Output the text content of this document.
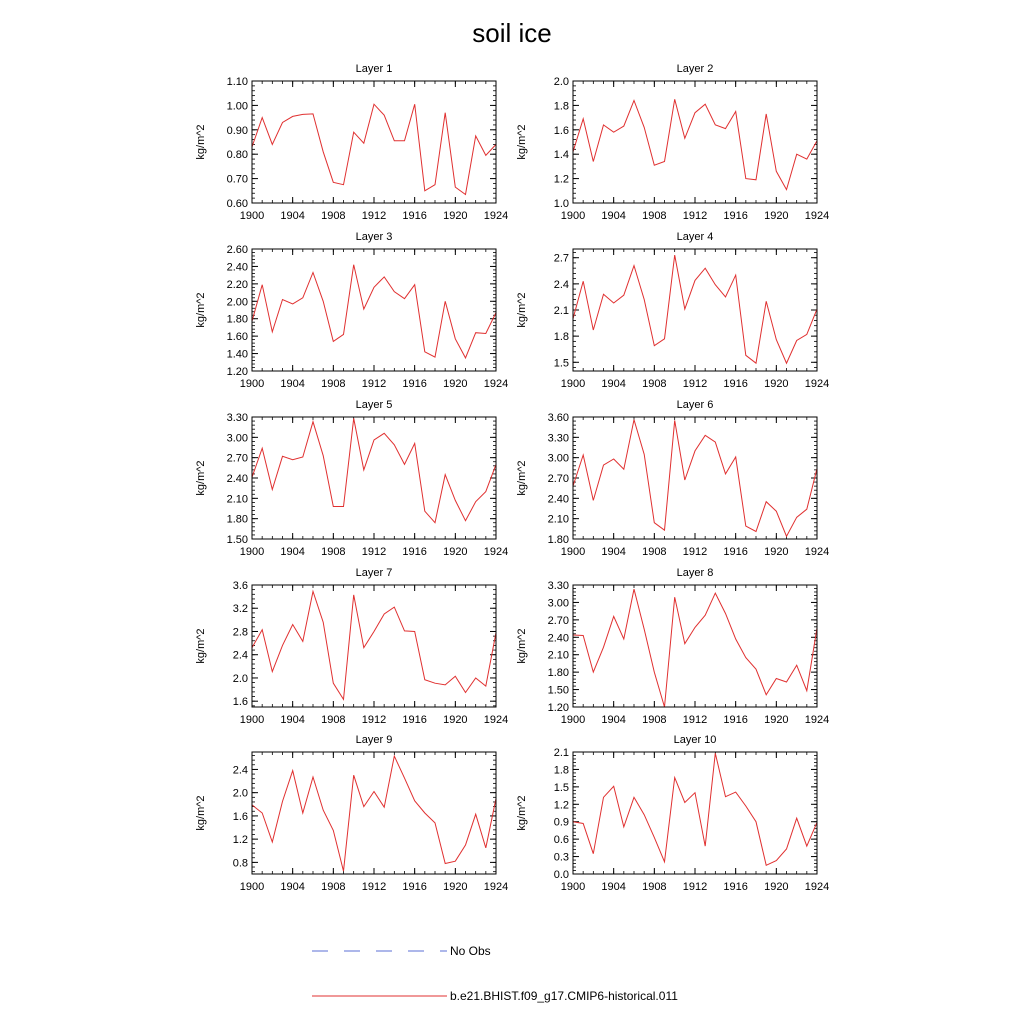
soil ice
Layer 1
1900 1904 1908 1912 1916 1920 1924
0.60
0.70
0.80
0.90
1.00
1.10
kg/m^2
Layer 2
1900 1904 1908 1912 1916 1920 1924
1.0
1.2
1.4
1.6
1.8
2.0
kg/m^2
Layer 3
1900 1904 1908 1912 1916 1920 1924
1.20
1.40
1.60
1.80
2.00
2.20
2.40
2.60
kg/m^2
Layer 4
1900 1904 1908 1912 1916 1920 1924
1.5
1.8
2.1
2.4
2.7
kg/m^2
Layer 5
1900 1904 1908 1912 1916 1920 1924
1.50
1.80
2.10
2.40
2.70
3.00
3.30
kg/m^2
Layer 6
1900 1904 1908 1912 1916 1920 1924
1.80
2.10
2.40
2.70
3.00
3.30
3.60
kg/m^2
Layer 7
1900 1904 1908 1912 1916 1920 1924
1.6
2.0
2.4
2.8
3.2
3.6
kg/m^2
Layer 8
1900 1904 1908 1912 1916 1920 1924
1.20
1.50
1.80
2.10
2.40
2.70
3.00
3.30
kg/m^2
Layer 9
1900 1904 1908 1912 1916 1920 1924
0.8
1.2
1.6
2.0
2.4
kg/m^2
Layer 10
1900 1904 1908 1912 1916 1920 1924
0.0
0.3
0.6
0.9
1.2
1.5
1.8
2.1
kg/m^2
No Obs
b.e21.BHIST.f09_g17.CMIP6-historical.011
